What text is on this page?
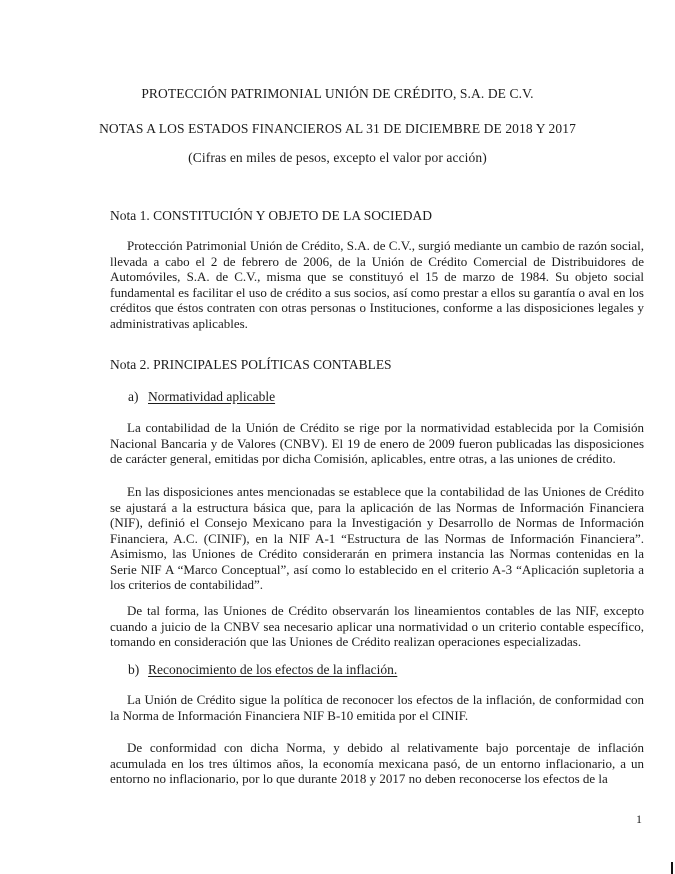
PROTECCIÓN PATRIMONIAL UNIÓN DE CRÉDITO, S.A. DE C.V.
NOTAS A LOS ESTADOS FINANCIEROS AL 31 DE DICIEMBRE DE 2018 Y 2017
(Cifras en miles de pesos, excepto el valor por acción)
Nota 1. CONSTITUCIÓN Y OBJETO DE LA SOCIEDAD
Protección Patrimonial Unión de Crédito, S.A. de C.V., surgió mediante un cambio de razón social, llevada a cabo el 2 de febrero de 2006, de la Unión de Crédito Comercial de Distribuidores de Automóviles, S.A. de C.V., misma que se constituyó el 15 de marzo de 1984. Su objeto social fundamental es facilitar el uso de crédito a sus socios, así como prestar a ellos su garantía o aval en los créditos que éstos contraten con otras personas o Instituciones, conforme a las disposiciones legales y administrativas aplicables.
Nota 2. PRINCIPALES POLÍTICAS CONTABLES
a) Normatividad aplicable
La contabilidad de la Unión de Crédito se rige por la normatividad establecida por la Comisión Nacional Bancaria y de Valores (CNBV). El 19 de enero de 2009 fueron publicadas las disposiciones de carácter general, emitidas por dicha Comisión, aplicables, entre otras, a las uniones de crédito.
En las disposiciones antes mencionadas se establece que la contabilidad de las Uniones de Crédito se ajustará a la estructura básica que, para la aplicación de las Normas de Información Financiera (NIF), definió el Consejo Mexicano para la Investigación y Desarrollo de Normas de Información Financiera, A.C. (CINIF), en la NIF A-1 “Estructura de las Normas de Información Financiera”. Asimismo, las Uniones de Crédito considerarán en primera instancia las Normas contenidas en la Serie NIF A “Marco Conceptual”, así como lo establecido en el criterio A-3 “Aplicación supletoria a los criterios de contabilidad”.
De tal forma, las Uniones de Crédito observarán los lineamientos contables de las NIF, excepto cuando a juicio de la CNBV sea necesario aplicar una normatividad o un criterio contable específico, tomando en consideración que las Uniones de Crédito realizan operaciones especializadas.
b) Reconocimiento de los efectos de la inflación.
La Unión de Crédito sigue la política de reconocer los efectos de la inflación, de conformidad con la Norma de Información Financiera NIF B-10 emitida por el CINIF.
De conformidad con dicha Norma, y debido al relativamente bajo porcentaje de inflación acumulada en los tres últimos años, la economía mexicana pasó, de un entorno inflacionario, a un entorno no inflacionario, por lo que durante 2018 y 2017 no deben reconocerse los efectos de la
1
